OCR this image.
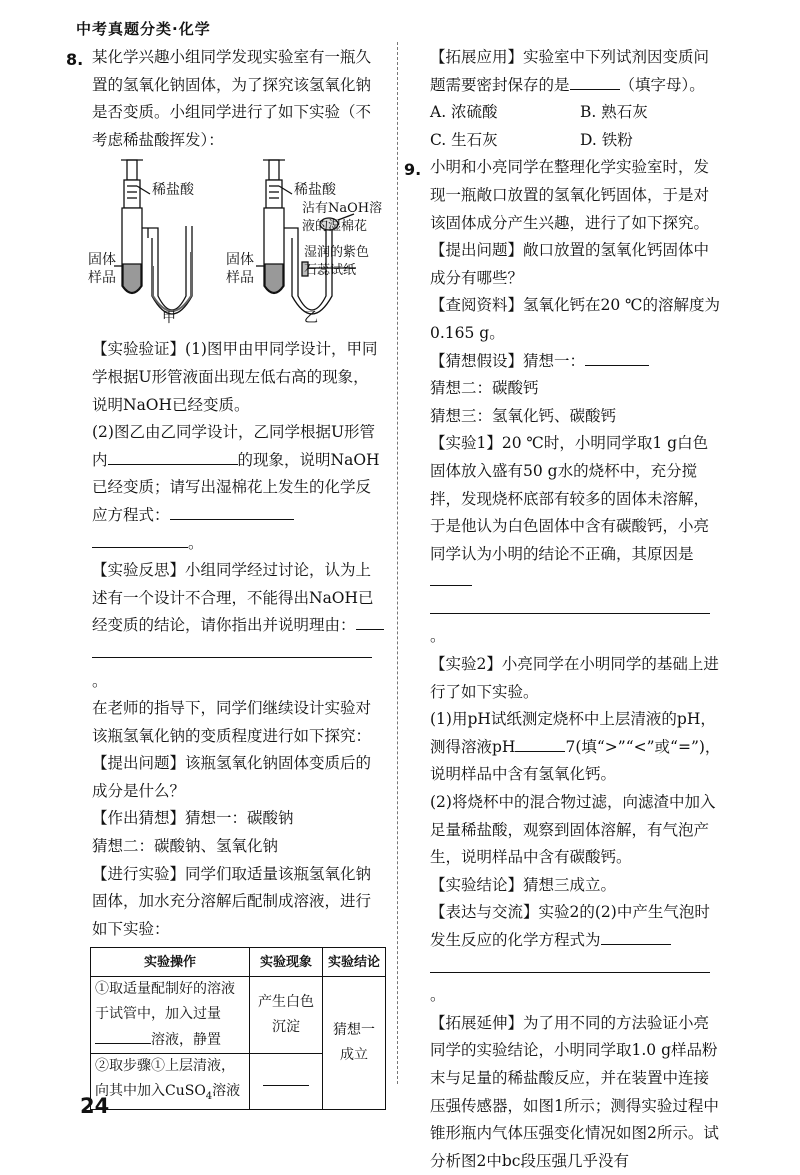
中考真题分类·化学
8. 某化学兴趣小组同学发现实验室有一瓶久置的氢氧化钠固体，为了探究该氢氧化钠是否变质。小组同学进行了如下实验（不考虑稀盐酸挥发）：

稀盐酸	稀盐酸
固体
样品
固体
样品
沾有NaOH溶
液的湿棉花
湿润的紫色
石蕊试纸
甲	乙

【实验验证】(1)图甲由甲同学设计，甲同学根据U形管液面出现左低右高的现象，说明NaOH已经变质。

(2)图乙由乙同学设计，乙同学根据U形管内	的现象，说明NaOH已经变质；请写出湿棉花上发生的化学反应方程式：
。

【实验反思】小组同学经过讨论，认为上述有一个设计不合理，不能得出NaOH已经变质的结论，请你指出并说明理由：
。

在老师的指导下，同学们继续设计实验对该瓶氢氧化钠的变质程度进行如下探究：

【提出问题】该瓶氢氧化钠固体变质后的成分是什么？

【作出猜想】猜想一：碳酸钠

猜想二：碳酸钠、氢氧化钠

【进行实验】同学们取适量该瓶氢氧化钠固体，加水充分溶解后配制成溶液，进行如下实验：

实验操作	实验现象	实验结论
①取适量配制好的溶液于试管中，加入过量溶液，静置	产生白色沉淀	猜想一成立
②取步骤①上层清液，向其中加入CuSO$_4$溶液		

【拓展应用】实验室中下列试剂因变质问题需要密封保存的是	（填字母）。

A. 浓硫酸	B. 熟石灰
C. 生石灰	D. 铁粉

小明和小亮同学在整理化学实验室时，发现一瓶敞口放置的氢氧化钙固体，于是对该固体成分产生兴趣，进行了如下探究。

【提出问题】敞口放置的氢氧化钙固体中成分有哪些？

【查阅资料】氢氧化钙在20 ℃的溶解度为0.165 g。

【猜想假设】猜想一：

猜想二：碳酸钙

猜想三：氢氧化钙、碳酸钙

【实验1】20 ℃时，小明同学取1 g白色固体放入盛有50 g水的烧杯中，充分搅拌，发现烧杯底部有较多的固体未溶解，于是他认为白色固体中含有碳酸钙，小亮同学认为小明的结论不正确，其原因是
。

【实验2】小亮同学在小明同学的基础上进行了如下实验。

(1)用pH试纸测定烧杯中上层清液的pH，测得溶液pH	7(填“>”“<”或“=”)，说明样品中含有氢氧化钙。

(2)将烧杯中的混合物过滤，向滤渣中加入足量稀盐酸，观察到固体溶解，有气泡产生，说明样品中含有碳酸钙。

【实验结论】猜想三成立。

【表达与交流】实验2的(2)中产生气泡时发生反应的化学方程式为
。

【拓展延伸】为了用不同的方法验证小亮同学的实验结论，小明同学取1.0 g样品粉末与足量的稀盐酸反应，并在装置中连接压强传感器，如图1所示；测得实验过程中锥形瓶内气体压强变化情况如图2所示。试分析图2中bc段压强几乎没有

9.
24
